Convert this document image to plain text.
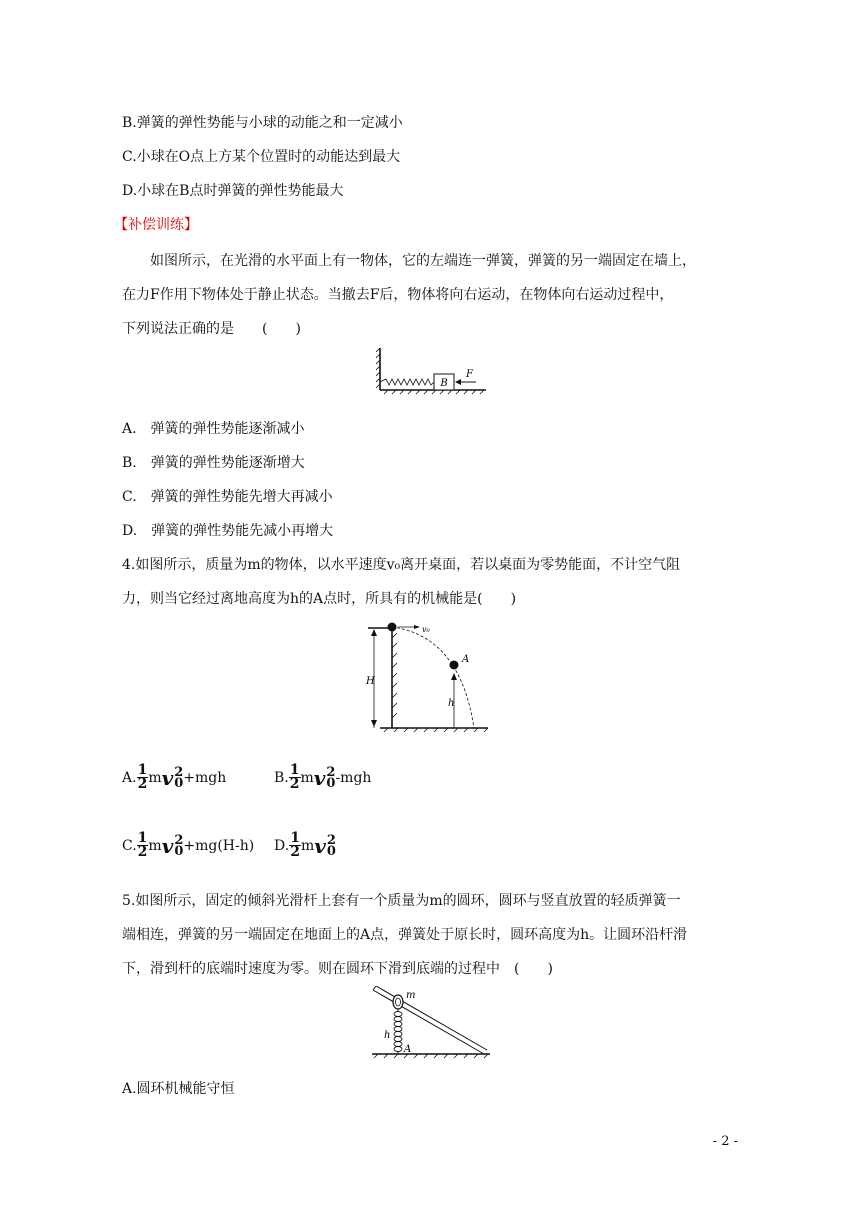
B.弹簧的弹性势能与小球的动能之和一定减小
C.小球在O点上方某个位置时的动能达到最大
D.小球在B点时弹簧的弹性势能最大
【补偿训练】
如图所示，在光滑的水平面上有一物体，它的左端连一弹簧，弹簧的另一端固定在墙上，
在力F作用下物体处于静止状态。当撤去F后，物体将向右运动，在物体向右运动过程中，
下列说法正确的是　　(　　)
B
F
A.　弹簧的弹性势能逐渐减小
B.　弹簧的弹性势能逐渐增大
C.　弹簧的弹性势能先增大再减小
D.　弹簧的弹性势能先减小再增大
4.如图所示，质量为m的物体，以水平速度v₀离开桌面，若以桌面为零势能面，不计空气阻
力，则当它经过离地高度为h的A点时，所具有的机械能是(　　)
H
v₀
A
h
A. $\frac{1}{2}$ m v 2
0 +mgh	B. $\frac{1}{2}$ m v 2
0 -mgh
C. $\frac{1}{2}$ m v 2
0 +mg(H-h) D. $\frac{1}{2}$ m v 2
0
5.如图所示，固定的倾斜光滑杆上套有一个质量为m的圆环，圆环与竖直放置的轻质弹簧一
端相连，弹簧的另一端固定在地面上的A点，弹簧处于原长时，圆环高度为h。让圆环沿杆滑
下，滑到杆的底端时速度为零。则在圆环下滑到底端的过程中　(　　)
m
h
A
A.圆环机械能守恒
- 2 -
